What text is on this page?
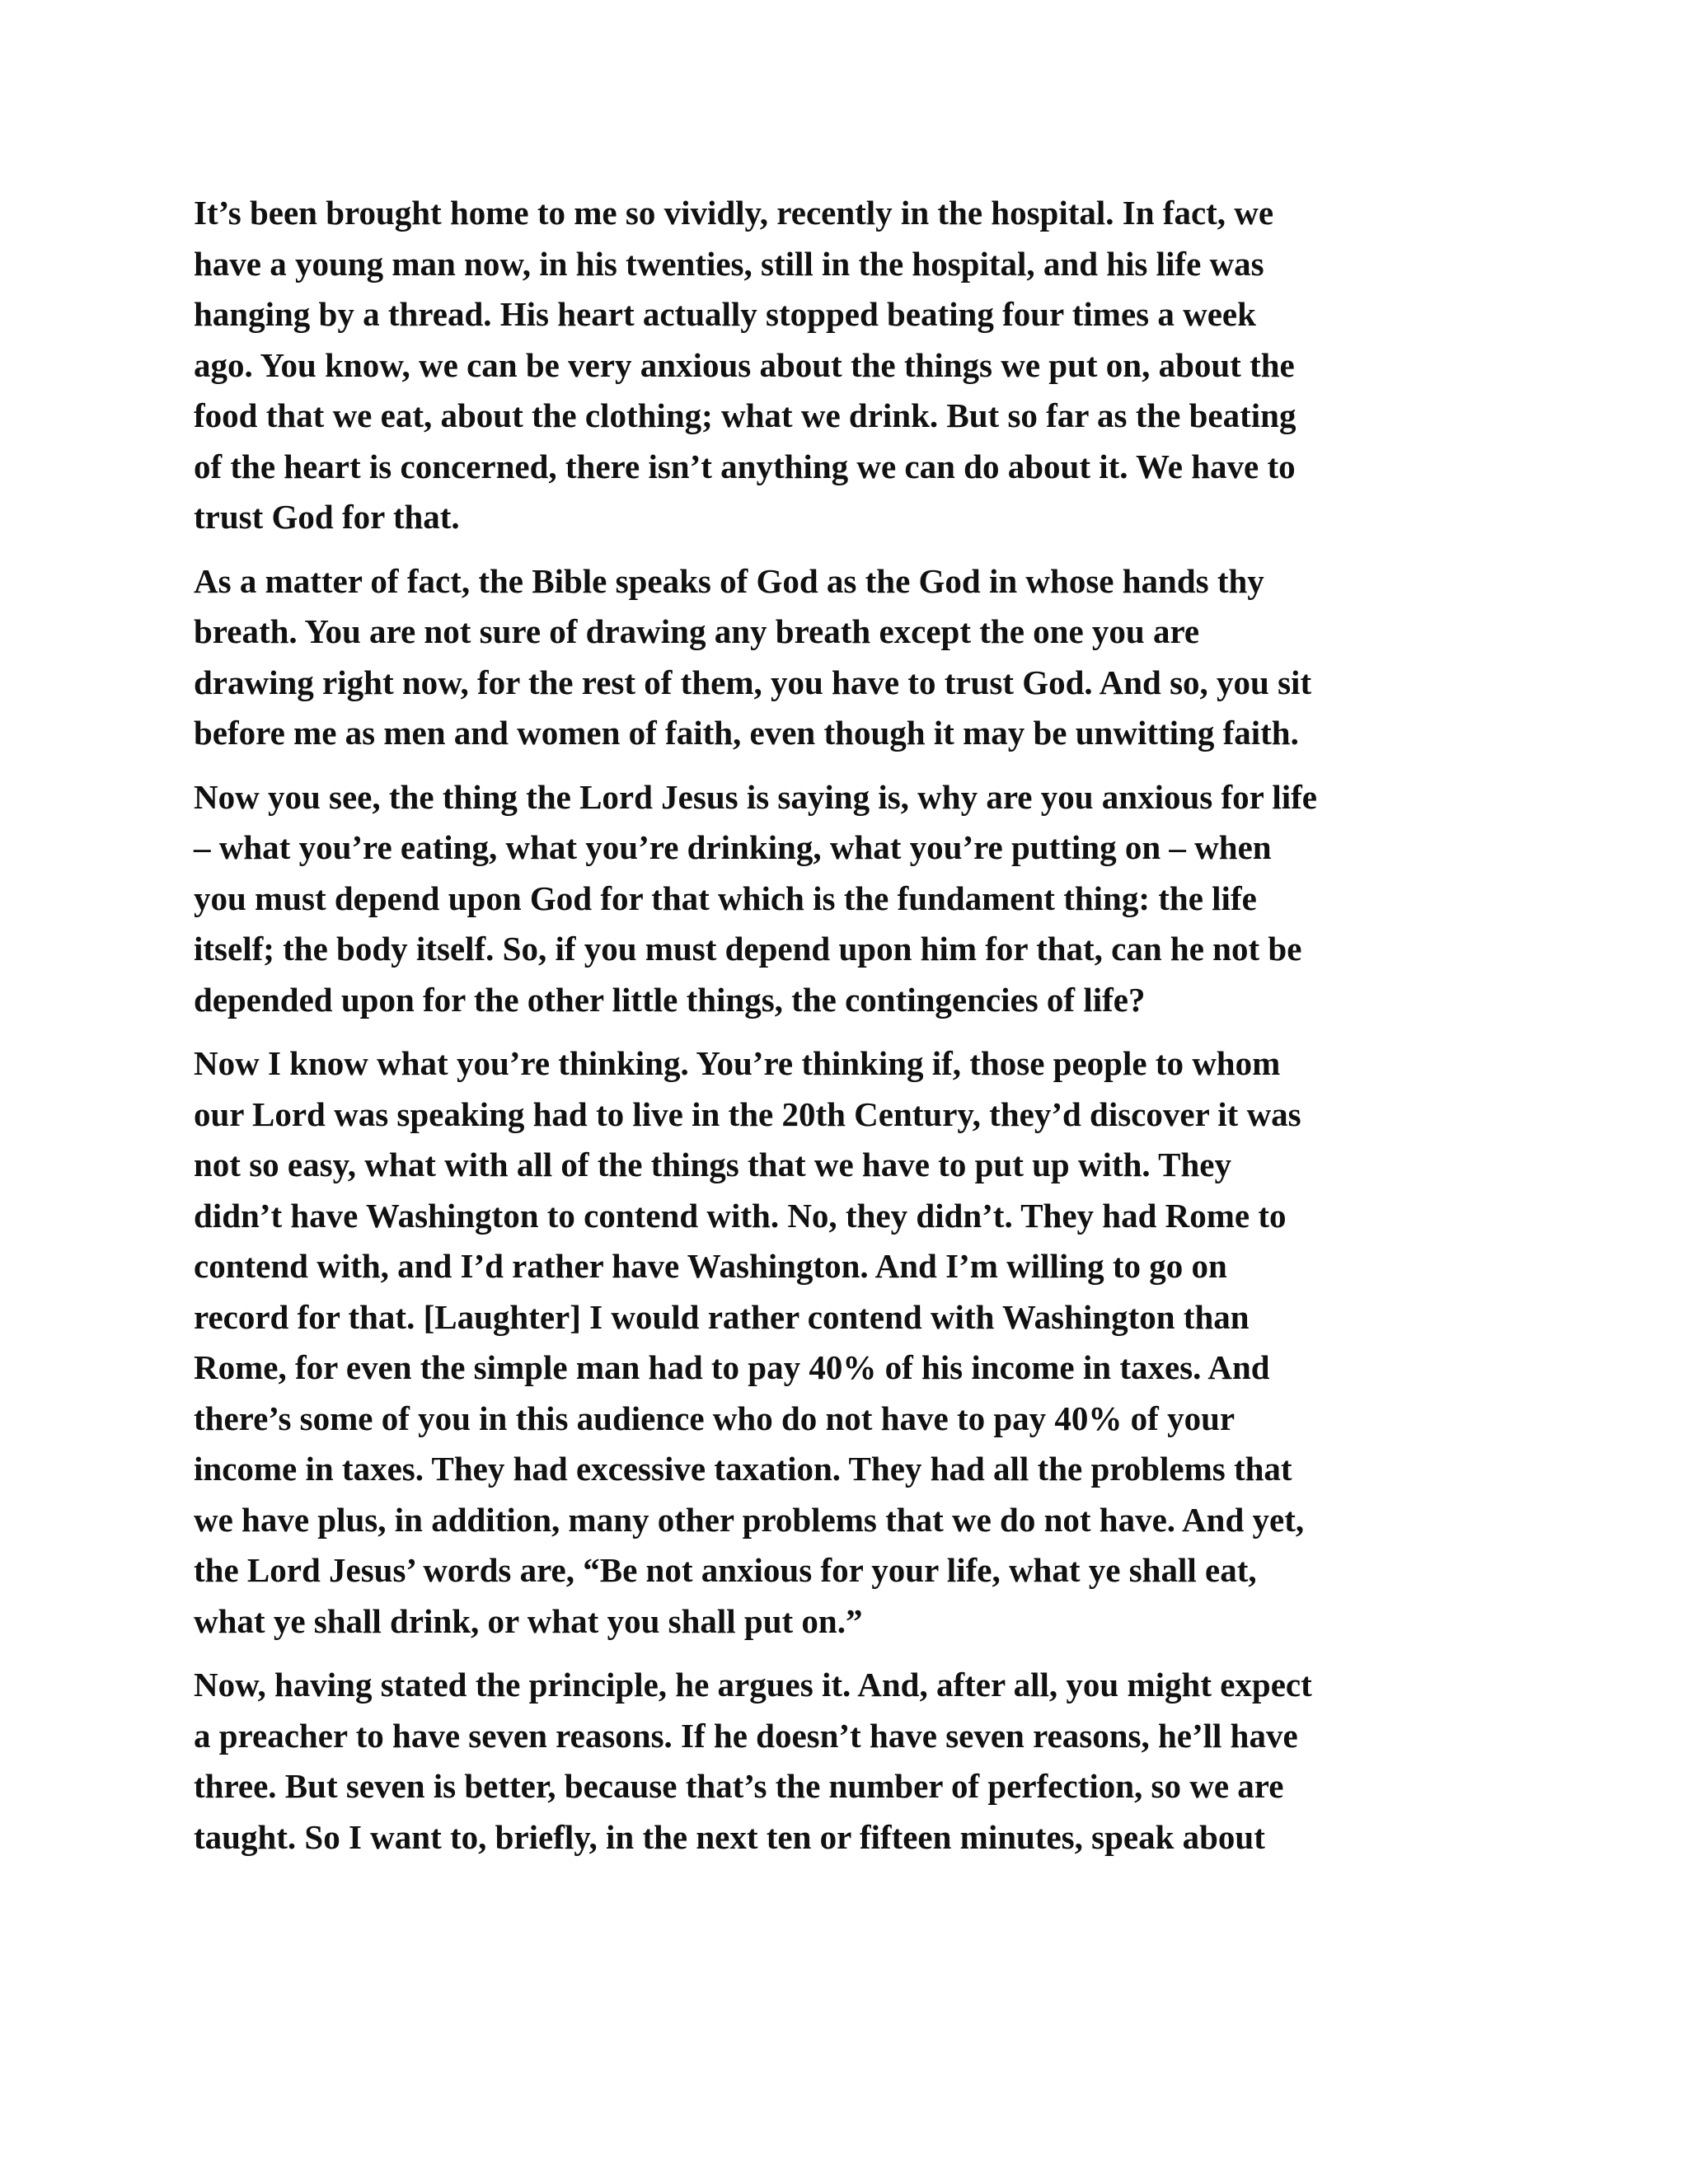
It’s been brought home to me so vividly, recently in the hospital. In fact, we
have a young man now, in his twenties, still in the hospital, and his life was
hanging by a thread. His heart actually stopped beating four times a week
ago. You know, we can be very anxious about the things we put on, about the
food that we eat, about the clothing; what we drink. But so far as the beating
of the heart is concerned, there isn’t anything we can do about it. We have to
trust God for that.
As a matter of fact, the Bible speaks of God as the God in whose hands thy
breath. You are not sure of drawing any breath except the one you are
drawing right now, for the rest of them, you have to trust God. And so, you sit
before me as men and women of faith, even though it may be unwitting faith.
Now you see, the thing the Lord Jesus is saying is, why are you anxious for life
– what you’re eating, what you’re drinking, what you’re putting on – when
you must depend upon God for that which is the fundament thing: the life
itself; the body itself. So, if you must depend upon him for that, can he not be
depended upon for the other little things, the contingencies of life?
Now I know what you’re thinking. You’re thinking if, those people to whom
our Lord was speaking had to live in the 20th Century, they’d discover it was
not so easy, what with all of the things that we have to put up with. They
didn’t have Washington to contend with. No, they didn’t. They had Rome to
contend with, and I’d rather have Washington. And I’m willing to go on
record for that. [Laughter] I would rather contend with Washington than
Rome, for even the simple man had to pay 40% of his income in taxes. And
there’s some of you in this audience who do not have to pay 40% of your
income in taxes. They had excessive taxation. They had all the problems that
we have plus, in addition, many other problems that we do not have. And yet,
the Lord Jesus’ words are, “Be not anxious for your life, what ye shall eat,
what ye shall drink, or what you shall put on.”
Now, having stated the principle, he argues it. And, after all, you might expect
a preacher to have seven reasons. If he doesn’t have seven reasons, he’ll have
three. But seven is better, because that’s the number of perfection, so we are
taught. So I want to, briefly, in the next ten or fifteen minutes, speak about
